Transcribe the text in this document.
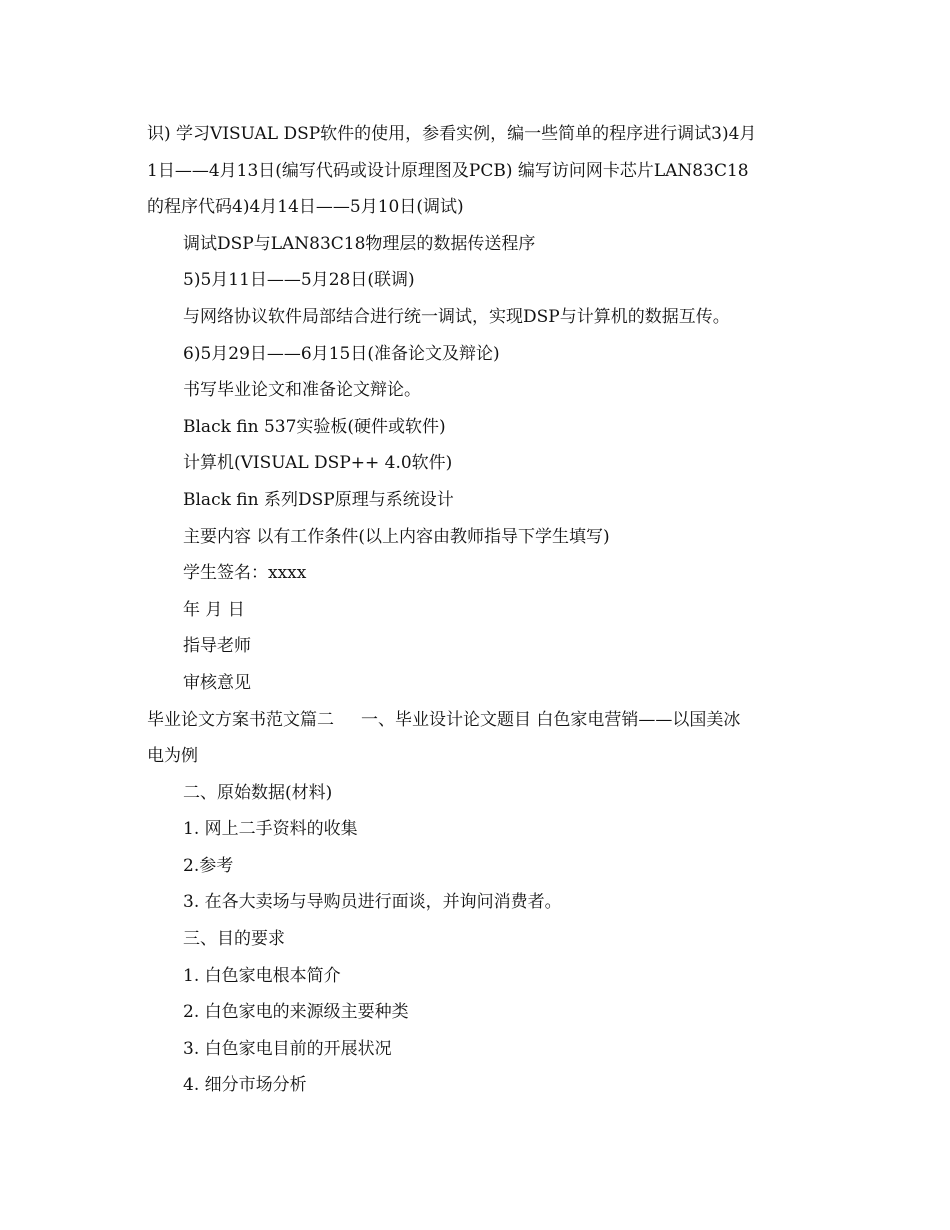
识) 学习VISUAL DSP软件的使用，参看实例，编一些简单的程序进行调试3)4月
1日——4月13日(编写代码或设计原理图及PCB) 编写访问网卡芯片LAN83C18
的程序代码4)4月14日——5月10日(调试)
调试DSP与LAN83C18物理层的数据传送程序
5)5月11日——5月28日(联调)
与网络协议软件局部结合进行统一调试，实现DSP与计算机的数据互传。
6)5月29日——6月15日(准备论文及辩论)
书写毕业论文和准备论文辩论。
Black fin 537实验板(硬件或软件)
计算机(VISUAL DSP++ 4.0软件)
Black fin 系列DSP原理与系统设计
主要内容 以有工作条件(以上内容由教师指导下学生填写)
学生签名：xxxx
年 月 日
指导老师
审核意见
毕业论文方案书范文篇二     一、毕业设计论文题目 白色家电营销——以国美冰
电为例
二、原始数据(材料)
1. 网上二手资料的收集
2.参考
3. 在各大卖场与导购员进行面谈，并询问消费者。
三、目的要求
1. 白色家电根本简介
2. 白色家电的来源级主要种类
3. 白色家电目前的开展状况
4. 细分市场分析
